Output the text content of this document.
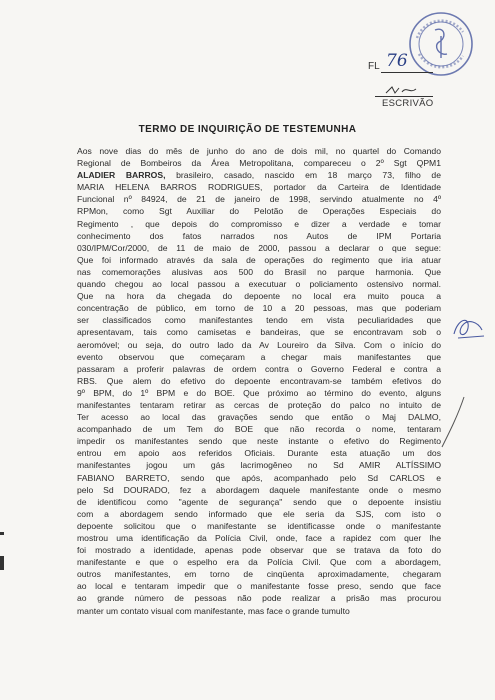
FL 76
ESCRIVÃO
TERMO DE INQUIRIÇÃO DE TESTEMUNHA
Aos nove dias do mês de junho do ano de dois mil, no quartel do Comando
Regional de Bombeiros da Área Metropolitana, compareceu o 2º Sgt QPM1
ALADIER BARROS, brasileiro, casado, nascido em 18 março 73, filho de
MARIA HELENA BARROS RODRIGUES, portador da Carteira de Identidade
Funcional nº 84924, de 21 de janeiro de 1998, servindo atualmente no 4º
RPMon, como Sgt Auxiliar do Pelotão de Operações Especiais do
Regimento , que depois do compromisso e dizer a verdade e tomar
conhecimento dos fatos narrados nos Autos de IPM Portaria
030/IPM/Cor/2000, de 11 de maio de 2000, passou a declarar o que segue:
Que foi informado através da sala de operações do regimento que iria atuar
nas comemorações alusivas aos 500 do Brasil no parque harmonia. Que
quando chegou ao local passou a executuar o policiamento ostensivo normal.
Que na hora da chegada do depoente no local era muito pouca a
concentração de público, em torno de 10 a 20 pessoas, mas que poderiam
ser classificados como manifestantes tendo em vista peculiaridades que
apresentavam, tais como camisetas e bandeiras, que se encontravam sob o
aeromóvel; ou seja, do outro lado da Av Loureiro da Silva. Com o início do
evento observou que começaram a chegar mais manifestantes que
passaram a proferir palavras de ordem contra o Governo Federal e contra a
RBS. Que alem do efetivo do depoente encontravam-se também efetivos do
9º BPM, do 1º BPM e do BOE. Que próximo ao término do evento, alguns
manifestantes tentaram retirar as cercas de proteção do palco no intuito de
Ter acesso ao local das gravações sendo que então o Maj DALMO,
acompanhado de um Tem do BOE que não recorda o nome, tentaram
impedir os manifestantes sendo que neste instante o efetivo do Regimento
entrou em apoio aos referidos Oficiais. Durante esta atuação um dos
manifestantes jogou um gás lacrimogêneo no Sd AMIR ALTÍSSIMO
FABIANO BARRETO, sendo que após, acompanhado pelo Sd CARLOS e
pelo Sd DOURADO, fez a abordagem daquele manifestante onde o mesmo
de identificou como "agente de segurança" sendo que o depoente insistiu
com a abordagem sendo informado que ele seria da SJS, com isto o
depoente solicitou que o manifestante se identificasse onde o manifestante
mostrou uma identificação da Polícia Civil, onde, face a rapidez com quer lhe
foi mostrado a identidade, apenas pode observar que se tratava da foto do
manifestante e que o espelho era da Polícia Civil. Que com a abordagem,
outros manifestantes, em torno de cinqüenta aproximadamente, chegaram
ao local e tentaram impedir que o manifestante fosse preso, sendo que face
ao grande número de pessoas não pode realizar a prisão mas procurou
manter um contato visual com manifestante, mas face o grande tumulto
